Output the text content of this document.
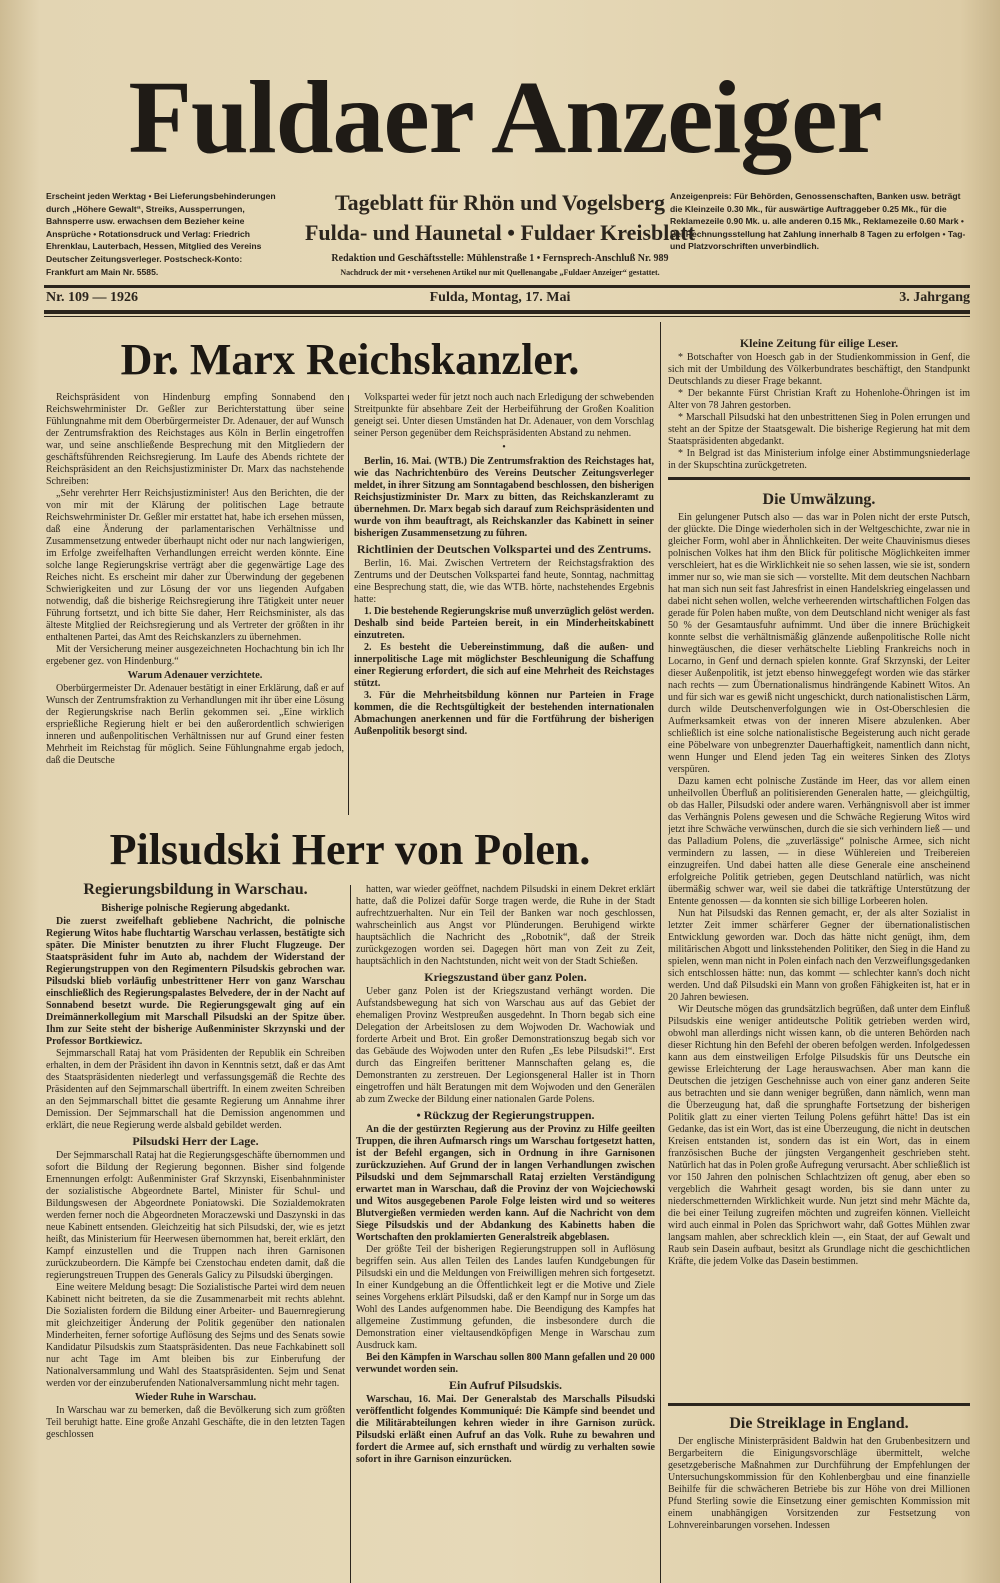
Fuldaer Anzeiger
Erscheint jeden Werktag • Bei Lieferungsbehinderungen durch „Höhere Gewalt“, Streiks, Aussperrungen, Bahnsperre usw. erwachsen dem Bezieher keine Ansprüche • Rotationsdruck und Verlag: Friedrich Ehrenklau, Lauterbach, Hessen, Mitglied des Vereins Deutscher Zeitungsverleger. Postscheck-Konto: Frankfurt am Main Nr. 5585.
Tageblatt für Rhön und Vogelsberg
Fulda- und Haunetal • Fuldaer Kreisblatt
Redaktion und Geschäftsstelle: Mühlenstraße 1 • Fernsprech-Anschluß Nr. 989
Nachdruck der mit • versehenen Artikel nur mit Quellenangabe „Fuldaer Anzeiger“ gestattet.
Anzeigenpreis: Für Behörden, Genossenschaften, Banken usw. beträgt die Kleinzeile 0.30 Mk., für auswärtige Auftraggeber 0.25 Mk., für die Reklamezeile 0.90 Mk. u. alle anderen 0.15 Mk., Reklamezeile 0.60 Mark • Bei Rechnungsstellung hat Zahlung innerhalb 8 Tagen zu erfolgen • Tag- und Platzvorschriften unverbindlich.
Nr. 109 — 1926	Fulda, Montag, 17. Mai	3. Jahrgang
Dr. Marx Reichskanzler.

Reichspräsident von Hindenburg empfing Sonnabend den Reichswehrminister Dr. Geßler zur Berichterstattung über seine Fühlungnahme mit dem Oberbürgermeister Dr. Adenauer, der auf Wunsch der Zentrumsfraktion des Reichstages aus Köln in Berlin eingetroffen war, und seine anschließende Besprechung mit den Mitgliedern der geschäftsführenden Reichsregierung. Im Laufe des Abends richtete der Reichspräsident an den Reichsjustizminister Dr. Marx das nachstehende Schreiben:

„Sehr verehrter Herr Reichsjustizminister! Aus den Berichten, die der von mir mit der Klärung der politischen Lage betraute Reichswehrminister Dr. Geßler mir erstattet hat, habe ich ersehen müssen, daß eine Änderung der parlamentarischen Verhältnisse und Zusammensetzung entweder überhaupt nicht oder nur nach langwierigen, im Erfolge zweifelhaften Verhandlungen erreicht werden könnte. Eine solche lange Regierungskrise verträgt aber die gegenwärtige Lage des Reiches nicht. Es erscheint mir daher zur Überwindung der gegebenen Schwierigkeiten und zur Lösung der vor uns liegenden Aufgaben notwendig, daß die bisherige Reichsregierung ihre Tätigkeit unter neuer Führung fortsetzt, und ich bitte Sie daher, Herr Reichsminister, als das älteste Mitglied der Reichsregierung und als Vertreter der größten in ihr enthaltenen Partei, das Amt des Reichskanzlers zu übernehmen.

Mit der Versicherung meiner ausgezeichneten Hochachtung bin ich Ihr ergebener gez. von Hindenburg.“

Warum Adenauer verzichtete.

Oberbürgermeister Dr. Adenauer bestätigt in einer Erklärung, daß er auf Wunsch der Zentrumsfraktion zu Verhandlungen mit ihr über eine Lösung der Regierungskrise nach Berlin gekommen sei. „Eine wirklich ersprießliche Regierung hielt er bei den außerordentlich schwierigen inneren und außenpolitischen Verhältnissen nur auf Grund einer festen Mehrheit im Reichstag für möglich. Seine Fühlungnahme ergab jedoch, daß die Deutsche

Volkspartei weder für jetzt noch auch nach Erledigung der schwebenden Streitpunkte für absehbare Zeit der Herbeiführung der Großen Koalition geneigt sei. Unter diesen Umständen hat Dr. Adenauer, von dem Vorschlag seiner Person gegenüber dem Reichspräsidenten Abstand zu nehmen.

•

Berlin, 16. Mai. (WTB.) Die Zentrumsfraktion des Reichstages hat, wie das Nachrichtenbüro des Vereins Deutscher Zeitungsverleger meldet, in ihrer Sitzung am Sonntagabend beschlossen, den bisherigen Reichsjustizminister Dr. Marx zu bitten, das Reichskanzleramt zu übernehmen. Dr. Marx begab sich darauf zum Reichspräsidenten und wurde von ihm beauftragt, als Reichskanzler das Kabinett in seiner bisherigen Zusammensetzung zu führen.

Richtlinien der Deutschen Volkspartei und des Zentrums.

Berlin, 16. Mai. Zwischen Vertretern der Reichstagsfraktion des Zentrums und der Deutschen Volkspartei fand heute, Sonntag, nachmittag eine Besprechung statt, die, wie das WTB. hörte, nachstehendes Ergebnis hatte:

1. Die bestehende Regierungskrise muß unverzüglich gelöst werden. Deshalb sind beide Parteien bereit, in ein Minderheitskabinett einzutreten.

2. Es besteht die Uebereinstimmung, daß die außen- und innerpolitische Lage mit möglichster Beschleunigung die Schaffung einer Regierung erfordert, die sich auf eine Mehrheit des Reichstages stützt.

3. Für die Mehrheitsbildung können nur Parteien in Frage kommen, die die Rechtsgültigkeit der bestehenden internationalen Abmachungen anerkennen und für die Fortführung der bisherigen Außenpolitik besorgt sind.

Pilsudski Herr von Polen.
Regierungsbildung in Warschau.
Bisherige polnische Regierung abgedankt.

Die zuerst zweifelhaft gebliebene Nachricht, die polnische Regierung Witos habe fluchtartig Warschau verlassen, bestätigte sich später. Die Minister benutzten zu ihrer Flucht Flugzeuge. Der Staatspräsident fuhr im Auto ab, nachdem der Widerstand der Regierungstruppen von den Regimentern Pilsudskis gebrochen war. Pilsudski blieb vorläufig unbestrittener Herr von ganz Warschau einschließlich des Regierungspalastes Belvedere, der in der Nacht auf Sonnabend besetzt wurde. Die Regierungsgewalt ging auf ein Dreimännerkollegium mit Marschall Pilsudski an der Spitze über. Ihm zur Seite steht der bisherige Außenminister Skrzynski und der Professor Bortkiewicz.

Sejmmarschall Rataj hat vom Präsidenten der Republik ein Schreiben erhalten, in dem der Präsident ihn davon in Kenntnis setzt, daß er das Amt des Staatspräsidenten niederlegt und verfassungsgemäß die Rechte des Präsidenten auf den Sejmmarschall übertrifft. In einem zweiten Schreiben an den Sejmmarschall bittet die gesamte Regierung um Annahme ihrer Demission. Der Sejmmarschall hat die Demission angenommen und erklärt, die neue Regierung werde alsbald gebildet werden.

Pilsudski Herr der Lage.

Der Sejmmarschall Rataj hat die Regierungsgeschäfte übernommen und sofort die Bildung der Regierung begonnen. Bisher sind folgende Ernennungen erfolgt: Außenminister Graf Skrzynski, Eisenbahnminister der sozialistische Abgeordnete Bartel, Minister für Schul- und Bildungswesen der Abgeordnete Poniatowski. Die Sozialdemokraten werden ferner noch die Abgeordneten Moraczewski und Daszynski in das neue Kabinett entsenden. Gleichzeitig hat sich Pilsudski, der, wie es jetzt heißt, das Ministerium für Heerwesen übernommen hat, bereit erklärt, den Kampf einzustellen und die Truppen nach ihren Garnisonen zurückzubeordern. Die Kämpfe bei Czenstochau endeten damit, daß die regierungstreuen Truppen des Generals Galicy zu Pilsudski übergingen.

Eine weitere Meldung besagt: Die Sozialistische Partei wird dem neuen Kabinett nicht beitreten, da sie die Zusammenarbeit mit rechts ablehnt. Die Sozialisten fordern die Bildung einer Arbeiter- und Bauernregierung mit gleichzeitiger Änderung der Politik gegenüber den nationalen Minderheiten, ferner sofortige Auflösung des Sejms und des Senats sowie Kandidatur Pilsudskis zum Staatspräsidenten. Das neue Fachkabinett soll nur acht Tage im Amt bleiben bis zur Einberufung der Nationalversammlung und Wahl des Staatspräsidenten. Sejm und Senat werden vor der einzuberufenden Nationalversammlung nicht mehr tagen.

Wieder Ruhe in Warschau.

In Warschau war zu bemerken, daß die Bevölkerung sich zum größten Teil beruhigt hatte. Eine große Anzahl Geschäfte, die in den letzten Tagen geschlossen

hatten, war wieder geöffnet, nachdem Pilsudski in einem Dekret erklärt hatte, daß die Polizei dafür Sorge tragen werde, die Ruhe in der Stadt aufrechtzuerhalten. Nur ein Teil der Banken war noch geschlossen, wahrscheinlich aus Angst vor Plünderungen. Beruhigend wirkte hauptsächlich die Nachricht des „Robotnik“, daß der Streik zurückgezogen worden sei. Dagegen hört man von Zeit zu Zeit, hauptsächlich in den Nachtstunden, nicht weit von der Stadt Schießen.

Kriegszustand über ganz Polen.

Ueber ganz Polen ist der Kriegszustand verhängt worden. Die Aufstandsbewegung hat sich von Warschau aus auf das Gebiet der ehemaligen Provinz Westpreußen ausgedehnt. In Thorn begab sich eine Delegation der Arbeitslosen zu dem Wojwoden Dr. Wachowiak und forderte Arbeit und Brot. Ein großer Demonstrationszug begab sich vor das Gebäude des Wojwoden unter den Rufen „Es lebe Pilsudski!“. Erst durch das Eingreifen berittener Mannschaften gelang es, die Demonstranten zu zerstreuen. Der Legionsgeneral Haller ist in Thorn eingetroffen und hält Beratungen mit dem Wojwoden und den Generälen ab zum Zwecke der Bildung einer nationalen Garde Polens.

• Rückzug der Regierungstruppen.

An die der gestürzten Regierung aus der Provinz zu Hilfe geeilten Truppen, die ihren Aufmarsch rings um Warschau fortgesetzt hatten, ist der Befehl ergangen, sich in Ordnung in ihre Garnisonen zurückzuziehen. Auf Grund der in langen Verhandlungen zwischen Pilsudski und dem Sejmmarschall Rataj erzielten Verständigung erwartet man in Warschau, daß die Provinz der von Wojciechowski und Witos ausgegebenen Parole Folge leisten wird und so weiteres Blutvergießen vermieden werden kann. Auf die Nachricht von dem Siege Pilsudskis und der Abdankung des Kabinetts haben die Wortschaften den proklamierten Generalstreik abgeblasen.

Der größte Teil der bisherigen Regierungstruppen soll in Auflösung begriffen sein. Aus allen Teilen des Landes laufen Kundgebungen für Pilsudski ein und die Meldungen von Freiwilligen mehren sich fortgesetzt. In einer Kundgebung an die Öffentlichkeit legt er die Motive und Ziele seines Vorgehens erklärt Pilsudski, daß er den Kampf nur in Sorge um das Wohl des Landes aufgenommen habe. Die Beendigung des Kampfes hat allgemeine Zustimmung gefunden, die insbesondere durch die Demonstration einer vieltausendköpfigen Menge in Warschau zum Ausdruck kam.

Bei den Kämpfen in Warschau sollen 800 Mann gefallen und 20 000 verwundet worden sein.

Ein Aufruf Pilsudskis.

Warschau, 16. Mai. Der Generalstab des Marschalls Pilsudski veröffentlicht folgendes Kommuniqué: Die Kämpfe sind beendet und die Militärabteilungen kehren wieder in ihre Garnison zurück. Pilsudski erläßt einen Aufruf an das Volk. Ruhe zu bewahren und fordert die Armee auf, sich ernsthaft und würdig zu verhalten sowie sofort in ihre Garnison einzurücken.

Kleine Zeitung für eilige Leser.

* Botschafter von Hoesch gab in der Studienkommission in Genf, die sich mit der Umbildung des Völkerbundrates beschäftigt, den Standpunkt Deutschlands zu dieser Frage bekannt.

* Der bekannte Fürst Christian Kraft zu Hohenlohe-Öhringen ist im Alter von 78 Jahren gestorben.

* Marschall Pilsudski hat den unbestrittenen Sieg in Polen errungen und steht an der Spitze der Staatsgewalt. Die bisherige Regierung hat mit dem Staatspräsidenten abgedankt.

* In Belgrad ist das Ministerium infolge einer Abstimmungsniederlage in der Skupschtina zurückgetreten.

Die Umwälzung.

Ein gelungener Putsch also — das war in Polen nicht der erste Putsch, der glückte. Die Dinge wiederholen sich in der Weltgeschichte, zwar nie in gleicher Form, wohl aber in Ähnlichkeiten. Der weite Chauvinismus dieses polnischen Volkes hat ihm den Blick für politische Möglichkeiten immer verschleiert, hat es die Wirklichkeit nie so sehen lassen, wie sie ist, sondern immer nur so, wie man sie sich — vorstellte. Mit dem deutschen Nachbarn hat man sich nun seit fast Jahresfrist in einen Handelskrieg eingelassen und dabei nicht sehen wollen, welche verheerenden wirtschaftlichen Folgen das gerade für Polen haben mußte, von dem Deutschland nicht weniger als fast 50 % der Gesamtausfuhr aufnimmt. Und über die innere Brüchigkeit konnte selbst die verhältnismäßig glänzende außenpolitische Rolle nicht hinwegtäuschen, die dieser verhätschelte Liebling Frankreichs noch in Locarno, in Genf und dernach spielen konnte. Graf Skrzynski, der Leiter dieser Außenpolitik, ist jetzt ebenso hinweggefegt worden wie das stärker nach rechts — zum Übernationalismus hindrängende Kabinett Witos. An und für sich war es gewiß nicht ungeschickt, durch nationalistischen Lärm, durch wilde Deutschenverfolgungen wie in Ost-Oberschlesien die Aufmerksamkeit etwas von der inneren Misere abzulenken. Aber schließlich ist eine solche nationalistische Begeisterung auch nicht gerade eine Pöbelware von unbegrenzter Dauerhaftigkeit, namentlich dann nicht, wenn Hunger und Elend jeden Tag ein weiteres Sinken des Zlotys verspüren.

Dazu kamen echt polnische Zustände im Heer, das vor allem einen unheilvollen Überfluß an politisierenden Generalen hatte, — gleichgültig, ob das Haller, Pilsudski oder andere waren. Verhängnisvoll aber ist immer das Verhängnis Polens gewesen und die Schwäche Regierung Witos wird jetzt ihre Schwäche verwünschen, durch die sie sich verhindern ließ — und das Palladium Polens, die „zuverlässige“ polnische Armee, sich nicht vermindern zu lassen, — in diese Wühlereien und Treibereien einzugreifen. Und dabei hatten alle diese Generale eine anscheinend erfolgreiche Politik getrieben, gegen Deutschland natürlich, was nicht übermäßig schwer war, weil sie dabei die tatkräftige Unterstützung der Entente genossen — da konnten sie sich billige Lorbeeren holen.

Nun hat Pilsudski das Rennen gemacht, er, der als alter Sozialist in letzter Zeit immer schärferer Gegner der übernationalistischen Entwicklung geworden war. Doch das hätte nicht genügt, ihm, dem militärischen Abgott und linksstehenden Politiker, den Sieg in die Hand zu spielen, wenn man nicht in Polen einfach nach den Verzweiflungsgedanken sich entschlossen hätte: nun, das kommt — schlechter kann's doch nicht werden. Und daß Pilsudski ein Mann von großen Fähigkeiten ist, hat er in 20 Jahren bewiesen.

Wir Deutsche mögen das grundsätzlich begrüßen, daß unter dem Einfluß Pilsudskis eine weniger antideutsche Politik getrieben werden wird, obwohl man allerdings nicht wissen kann, ob die unteren Behörden nach dieser Richtung hin den Befehl der oberen befolgen werden. Infolgedessen kann aus dem einstweiligen Erfolge Pilsudskis für uns Deutsche ein gewisse Erleichterung der Lage herauswachsen. Aber man kann die Deutschen die jetzigen Geschehnisse auch von einer ganz anderen Seite aus betrachten und sie dann weniger begrüßen, dann nämlich, wenn man die Überzeugung hat, daß die sprunghafte Fortsetzung der bisherigen Politik glatt zu einer vierten Teilung Polens geführt hätte! Das ist ein Gedanke, das ist ein Wort, das ist eine Überzeugung, die nicht in deutschen Kreisen entstanden ist, sondern das ist ein Wort, das in einem französischen Buche der jüngsten Vergangenheit geschrieben steht. Natürlich hat das in Polen große Aufregung verursacht. Aber schließlich ist vor 150 Jahren den polnischen Schlachtzizen oft genug, aber eben so vergeblich die Wahrheit gesagt worden, bis sie dann unter zu niederschmetternden Wirklichkeit wurde. Nun jetzt sind mehr Mächte da, die bei einer Teilung zugreifen möchten und zugreifen können. Vielleicht wird auch einmal in Polen das Sprichwort wahr, daß Gottes Mühlen zwar langsam mahlen, aber schrecklich klein —, ein Staat, der auf Gewalt und Raub sein Dasein aufbaut, besitzt als Grundlage nicht die geschichtlichen Kräfte, die jedem Volke das Dasein bestimmen.

Die Streiklage in England.

Der englische Ministerpräsident Baldwin hat den Grubenbesitzern und Bergarbeitern die Einigungsvorschläge übermittelt, welche gesetzgeberische Maßnahmen zur Durchführung der Empfehlungen der Untersuchungskommission für den Kohlenbergbau und eine finanzielle Beihilfe für die schwächeren Betriebe bis zur Höhe von drei Millionen Pfund Sterling sowie die Einsetzung einer gemischten Kommission mit einem unabhängigen Vorsitzenden zur Festsetzung von Lohnvereinbarungen vorsehen. Indessen
